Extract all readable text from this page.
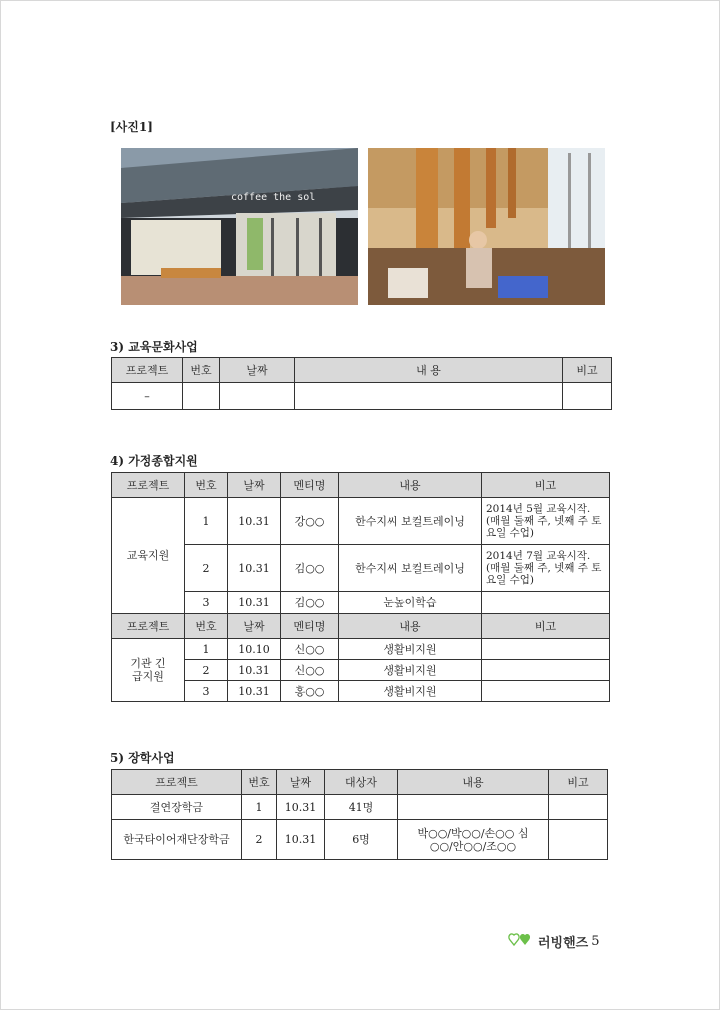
[사진1]
coffee the sol
3) 교육문화사업
프로젝트	번호	날짜	내 용	비고
–				
4) 가정종합지원
프로젝트	번호	날짜	멘티명	내용	비고
교육지원	1	10.31	강○○	한수지씨 보컬트레이닝	2014년 5월 교육시작. (매월 둘째 주, 넷째 주 토요일 수업)
	2	10.31	김○○	한수지씨 보컬트레이닝	2014년 7월 교육시작. (매월 둘째 주, 넷째 주 토요일 수업)
	3	10.31	김○○	눈높이학습	
프로젝트	번호	날짜	멘티명	내용	비고
기관 긴급지원	1	10.10	신○○	생활비지원	
	2	10.31	신○○	생활비지원	
	3	10.31	홍○○	생활비지원	
5) 장학사업
프로젝트	번호	날짜	대상자	내용	비고
결연장학금	1	10.31	41명		
한국타이어재단장학금	2	10.31	6명	박○○/박○○/손○○ 심○○/안○○/조○○	
러빙핸즈 5
